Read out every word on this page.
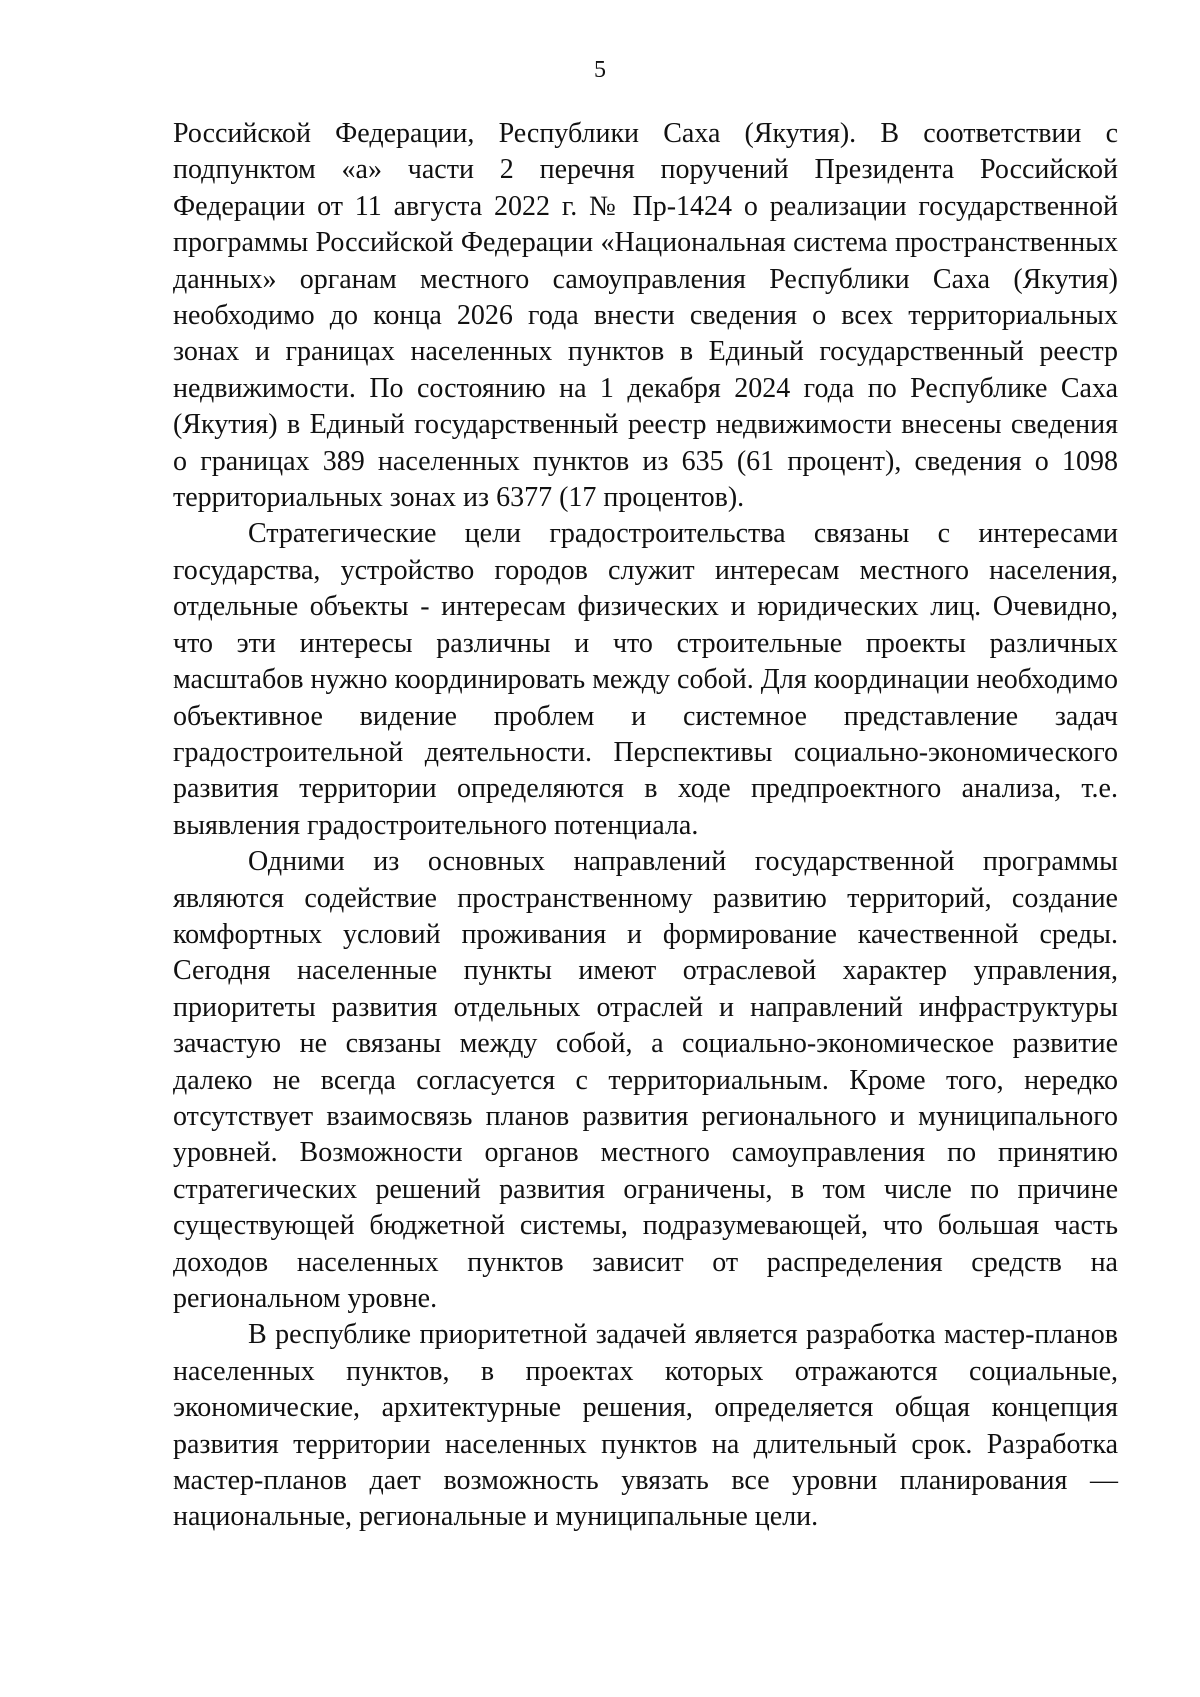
5

Российской Федерации, Республики Саха (Якутия). В соответствии с подпунктом «а» части 2 перечня поручений Президента Российской Федерации от 11 августа 2022 г. № Пр-1424 о реализации государственной программы Российской Федерации «Национальная система пространственных данных» органам местного самоуправления Республики Саха (Якутия) необходимо до конца 2026 года внести сведения о всех территориальных зонах и границах населенных пунктов в Единый государственный реестр недвижимости. По состоянию на 1 декабря 2024 года по Республике Саха (Якутия) в Единый государственный реестр недвижимости внесены сведения о границах 389 населенных пунктов из 635 (61 процент), сведения о 1098 территориальных зонах из 6377 (17 процентов).

Стратегические цели градостроительства связаны с интересами государства, устройство городов служит интересам местного населения, отдельные объекты - интересам физических и юридических лиц. Очевидно, что эти интересы различны и что строительные проекты различных масштабов нужно координировать между собой. Для координации необходимо объективное видение проблем и системное представление задач градостроительной деятельности. Перспективы социально-экономического развития территории определяются в ходе предпроектного анализа, т.е. выявления градостроительного потенциала.

Одними из основных направлений государственной программы являются содействие пространственному развитию территорий, создание комфортных условий проживания и формирование качественной среды. Сегодня населенные пункты имеют отраслевой характер управления, приоритеты развития отдельных отраслей и направлений инфраструктуры зачастую не связаны между собой, а социально-экономическое развитие далеко не всегда согласуется с территориальным. Кроме того, нередко отсутствует взаимосвязь планов развития регионального и муниципального уровней. Возможности органов местного самоуправления по принятию стратегических решений развития ограничены, в том числе по причине существующей бюджетной системы, подразумевающей, что большая часть доходов населенных пунктов зависит от распределения средств на региональном уровне.

В республике приоритетной задачей является разработка мастер-планов населенных пунктов, в проектах которых отражаются социальные, экономические, архитектурные решения, определяется общая концепция развития территории населенных пунктов на длительный срок. Разработка мастер-планов дает возможность увязать все уровни планирования — национальные, региональные и муниципальные цели.
